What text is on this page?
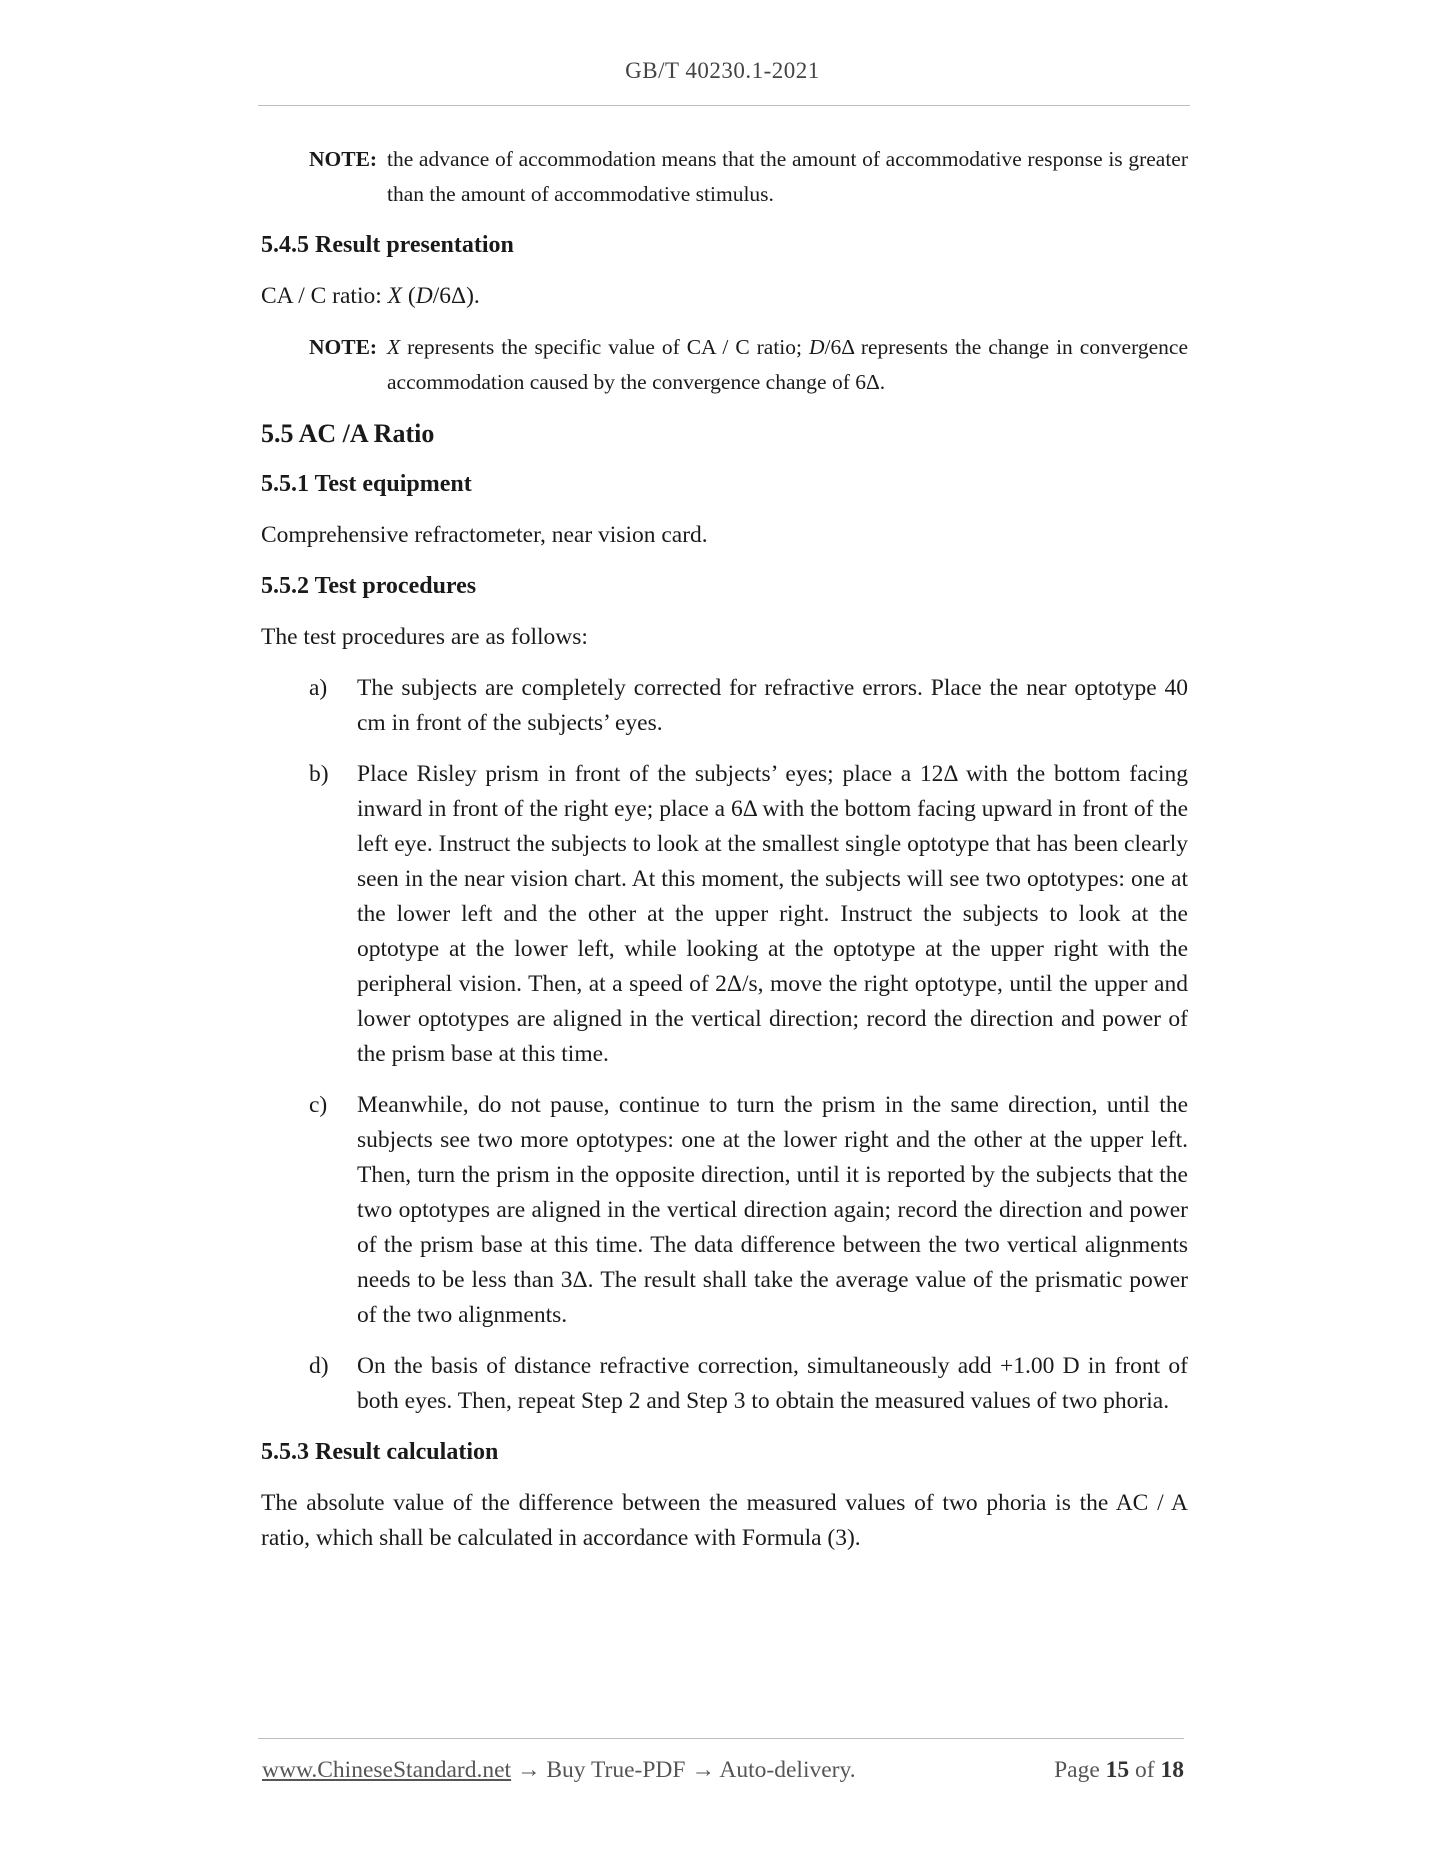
GB/T 40230.1-2021

NOTE: the advance of accommodation means that the amount of accommodative response is greater than the amount of accommodative stimulus.

5.4.5 Result presentation

CA / C ratio: X (D/6Δ).

NOTE: X represents the specific value of CA / C ratio; D/6Δ represents the change in convergence accommodation caused by the convergence change of 6Δ.

5.5 AC /A Ratio
5.5.1 Test equipment

Comprehensive refractometer, near vision card.

5.5.2 Test procedures

The test procedures are as follows:

a) The subjects are completely corrected for refractive errors. Place the near optotype 40 cm in front of the subjects’ eyes.

b) Place Risley prism in front of the subjects’ eyes; place a 12Δ with the bottom facing inward in front of the right eye; place a 6Δ with the bottom facing upward in front of the left eye. Instruct the subjects to look at the smallest single optotype that has been clearly seen in the near vision chart. At this moment, the subjects will see two optotypes: one at the lower left and the other at the upper right. Instruct the subjects to look at the optotype at the lower left, while looking at the optotype at the upper right with the peripheral vision. Then, at a speed of 2Δ/s, move the right optotype, until the upper and lower optotypes are aligned in the vertical direction; record the direction and power of the prism base at this time.

c) Meanwhile, do not pause, continue to turn the prism in the same direction, until the subjects see two more optotypes: one at the lower right and the other at the upper left. Then, turn the prism in the opposite direction, until it is reported by the subjects that the two optotypes are aligned in the vertical direction again; record the direction and power of the prism base at this time. The data difference between the two vertical alignments needs to be less than 3Δ. The result shall take the average value of the prismatic power of the two alignments.

d) On the basis of distance refractive correction, simultaneously add +1.00 D in front of both eyes. Then, repeat Step 2 and Step 3 to obtain the measured values of two phoria.

5.5.3 Result calculation

The absolute value of the difference between the measured values of two phoria is the AC / A ratio, which shall be calculated in accordance with Formula (3).

www.ChineseStandard.net → Buy True-PDF → Auto-delivery.	Page 15 of 18
